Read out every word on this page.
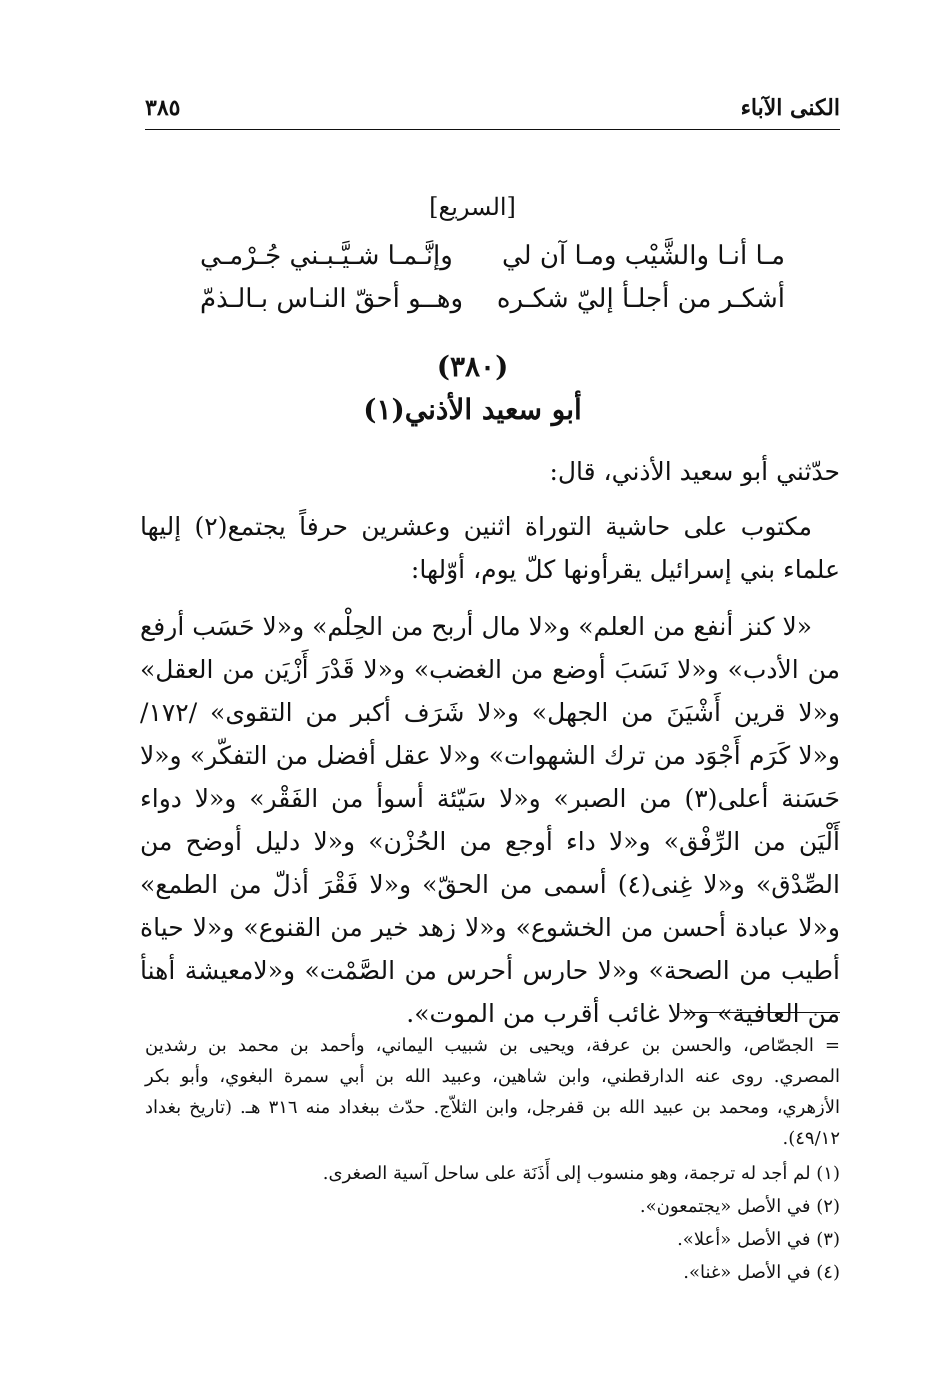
الكنى الآباء
٣٨٥
[السريع]
مـا أنـا والشَّيْب ومـا آن لي
وإنَّـمـا شـيَّـبـني جُـرْمـي
أشكـر من أجلـأ إليّ شكـره
وهــو أحقّ النـاس بـالـذمّ
(٣٨٠)
أبو سعيد الأذني(١)

حدّثني أبو سعيد الأذني، قال:

مكتوب على حاشية التوراة اثنين وعشرين حرفاً يجتمع(٢) إليها علماء بني إسرائيل يقرأونها كلّ يوم، أوّلها:

«لا كنز أنفع من العلم» و«لا مال أربح من الحِلْم» و«لا حَسَب أرفع من الأدب» و«لا نَسَبَ أوضع من الغضب» و«لا قَدْرَ أَزْيَن من العقل» و«لا قرين أَشْيَنَ من الجهل» و«لا شَرَف أكبر من التقوى» /١٧٢/ و«لا كَرَم أَجْوَد من ترك الشهوات» و«لا عقل أفضل من التفكّر» و«لا حَسَنة أعلى(٣) من الصبر» و«لا سَيّئة أسوأ من الفَقْر» و«لا دواء أَلْيَن من الرِّفْق» و«لا داء أوجع من الحُزْن» و«لا دليل أوضح من الصِّدْق» و«لا غِنى(٤) أسمى من الحقّ» و«لا فَقْرَ أذلّ من الطمع» و«لا عبادة أحسن من الخشوع» و«لا زهد خير من القنوع» و«لا حياة أطيب من الصحة» و«لا حارس أحرس من الصَّمْت» و«لامعيشة أهنأ من العافية» و«لا غائب أقرب من الموت».

= الجصّاص، والحسن بن عرفة، ويحيى بن شبيب اليماني، وأحمد بن محمد بن رشدين المصري. روى عنه الدارقطني، وابن شاهين، وعبيد الله بن أبي سمرة البغوي، وأبو بكر الأزهري، ومحمد بن عبيد الله بن قفرجل، وابن الثلاّج. حدّث ببغداد منه ٣١٦ هـ. (تاريخ بغداد ٤٩/١٢).

(١) لم أجد له ترجمة، وهو منسوب إلى أَذَنَة على ساحل آسية الصغرى.

(٢) في الأصل «يجتمعون».

(٣) في الأصل «أعلا».

(٤) في الأصل «غنا».
